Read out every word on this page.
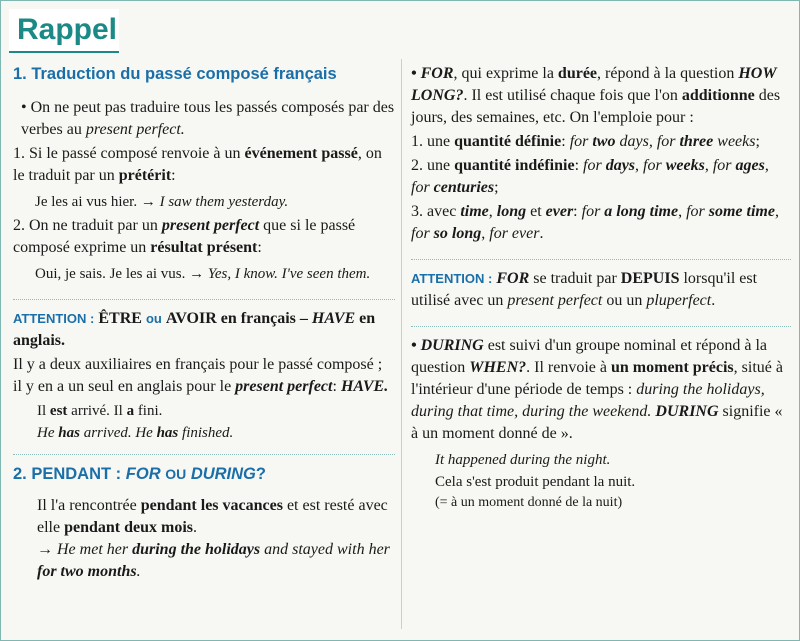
Rappel
1. Traduction du passé composé français

• On ne peut pas traduire tous les passés composés par des verbes au present perfect.

1. Si le passé composé renvoie à un événement passé, on le traduit par un prétérit:

Je les ai vus hier. → I saw them yesterday.

2. On ne traduit par un present perfect que si le passé composé exprime un résultat présent:

Oui, je sais. Je les ai vus. → Yes, I know. I've seen them.

ATTENTION : ÊTRE ou AVOIR en français – HAVE en anglais.

Il y a deux auxiliaires en français pour le passé composé ; il y en a un seul en anglais pour le present perfect: HAVE.

Il est arrivé. Il a fini.

He has arrived. He has finished.

2. PENDANT : FOR OU DURING?

Il l'a rencontrée pendant les vacances et est resté avec elle pendant deux mois.

→ He met her during the holidays and stayed with her for two months.

• FOR, qui exprime la durée, répond à la question HOW LONG?. Il est utilisé chaque fois que l'on additionne des jours, des semaines, etc. On l'emploie pour :

1. une quantité définie: for two days, for three weeks;

2. une quantité indéfinie: for days, for weeks, for ages, for centuries;

3. avec time, long et ever: for a long time, for some time, for so long, for ever.

ATTENTION : FOR se traduit par DEPUIS lorsqu'il est utilisé avec un present perfect ou un pluperfect.

• DURING est suivi d'un groupe nominal et répond à la question WHEN?. Il renvoie à un moment précis, situé à l'intérieur d'une période de temps : during the holidays, during that time, during the weekend. DURING signifie « à un moment donné de ».

It happened during the night.

Cela s'est produit pendant la nuit.

(= à un moment donné de la nuit)
